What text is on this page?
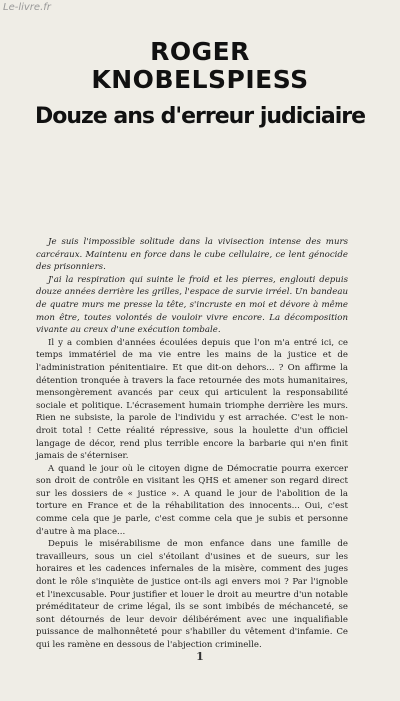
Le-livre.fr
ROGER
KNOBELSPIESS
Douze ans d'erreur judiciaire

Je suis l'impossible solitude dans la vivisection intense des murs carcéraux. Maintenu en force dans le cube cellulaire, ce lent génocide des prisonniers.

J'ai la respiration qui suinte le froid et les pierres, englouti depuis douze années derrière les grilles, l'espace de survie irréel. Un bandeau de quatre murs me presse la tête, s'incruste en moi et dévore à même mon être, toutes volontés de vouloir vivre encore. La décomposition vivante au creux d'une exécution tombale.

Il y a combien d'années écoulées depuis que l'on m'a entré ici, ce temps immatériel de ma vie entre les mains de la justice et de l'administration pénitentiaire. Et que dit-on dehors... ? On affirme la détention tronquée à travers la face retournée des mots humanitaires, mensongèrement avancés par ceux qui articulent la responsabilité sociale et politique. L'écrasement humain triomphe derrière les murs. Rien ne subsiste, la parole de l'individu y est arrachée. C'est le non-droit total ! Cette réalité répressive, sous la houlette d'un officiel langage de décor, rend plus terrible encore la barbarie qui n'en finit jamais de s'éterniser.

A quand le jour où le citoyen digne de Démocratie pourra exercer son droit de contrôle en visitant les QHS et amener son regard direct sur les dossiers de « justice ». A quand le jour de l'abolition de la torture en France et de la réhabilitation des innocents... Oui, c'est comme cela que je parle, c'est comme cela que je subis et personne d'autre à ma place...

Depuis le misérabilisme de mon enfance dans une famille de travailleurs, sous un ciel s'étoilant d'usines et de sueurs, sur les horaires et les cadences infernales de la misère, comment des juges dont le rôle s'inquiète de justice ont-ils agi envers moi ? Par l'ignoble et l'inexcusable. Pour justifier et louer le droit au meurtre d'un notable préméditateur de crime légal, ils se sont imbibés de méchanceté, se sont détournés de leur devoir délibérément avec une inqualifiable puissance de malhonnêteté pour s'habiller du vêtement d'infamie. Ce qui les ramène en dessous de l'abjection criminelle.

1
